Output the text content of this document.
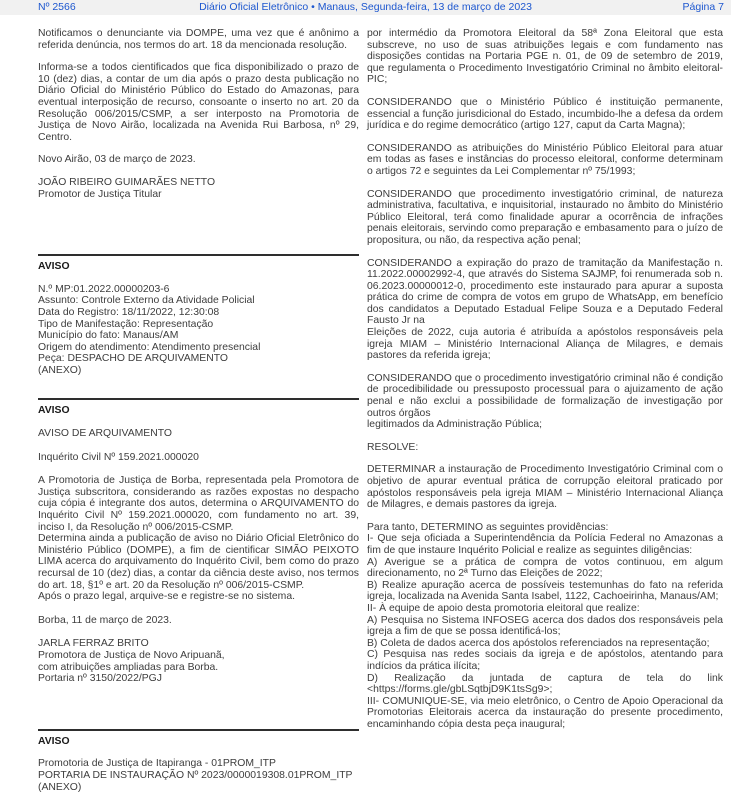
Nº 2566	Diário Oficial Eletrônico • Manaus, Segunda-feira, 13 de março de 2023	Página 7
Notificamos o denunciante via DOMPE, uma vez que é anônimo a referida denúncia, nos termos do art. 18 da mencionada resolução.
Informa-se a todos cientificados que fica disponibilizado o prazo de 10 (dez) dias, a contar de um dia após o prazo desta publicação no Diário Oficial do Ministério Público do Estado do Amazonas, para eventual interposição de recurso, consoante o inserto no art. 20 da Resolução 006/2015/CSMP, a ser interposto na Promotoria de Justiça de Novo Airão, localizada na Avenida Rui Barbosa, nº 29, Centro.
Novo Airão, 03 de março de 2023.
JOÃO RIBEIRO GUIMARÃES NETTO
Promotor de Justiça Titular
AVISO
N.º MP:01.2022.00000203-6
Assunto: Controle Externo da Atividade Policial
Data do Registro: 18/11/2022, 12:30:08
Tipo de Manifestação: Representação
Município do fato: Manaus/AM
Origem do atendimento: Atendimento presencial
Peça: DESPACHO DE ARQUIVAMENTO
(ANEXO)
AVISO
AVISO DE ARQUIVAMENTO
Inquérito Civil Nº 159.2021.000020
A Promotoria de Justiça de Borba, representada pela Promotora de Justiça subscritora, considerando as razões expostas no despacho cuja cópia é integrante dos autos, determina o ARQUIVAMENTO do Inquérito Civil Nº 159.2021.000020, com fundamento no art. 39, inciso I, da Resolução nº 006/2015-CSMP.
Determina ainda a publicação de aviso no Diário Oficial Eletrônico do Ministério Público (DOMPE), a fim de cientificar SIMÃO PEIXOTO LIMA acerca do arquivamento do Inquérito Civil, bem como do prazo recursal de 10 (dez) dias, a contar da ciência deste aviso, nos termos do art. 18, §1º e art. 20 da Resolução nº 006/2015-CSMP.
Após o prazo legal, arquive-se e registre-se no sistema.
Borba, 11 de março de 2023.
JARLA FERRAZ BRITO
Promotora de Justiça de Novo Aripuanã,
com atribuições ampliadas para Borba.
Portaria nº 3150/2022/PGJ
AVISO
Promotoria de Justiça de Itapiranga - 01PROM_ITP
PORTARIA DE INSTAURAÇÃO Nº 2023/0000019308.01PROM_ITP
(ANEXO)
por intermédio da Promotora Eleitoral da 58ª Zona Eleitoral que esta subscreve, no uso de suas atribuições legais e com fundamento nas disposições contidas na Portaria PGE n. 01, de 09 de setembro de 2019, que regulamenta o Procedimento Investigatório Criminal no âmbito eleitoral-PIC;
CONSIDERANDO que o Ministério Público é instituição permanente, essencial a função jurisdicional do Estado, incumbido-lhe a defesa da ordem jurídica e do regime democrático (artigo 127, caput da Carta Magna);
CONSIDERANDO as atribuições do Ministério Público Eleitoral para atuar em todas as fases e instâncias do processo eleitoral, conforme determinam o artigos 72 e seguintes da Lei Complementar nº 75/1993;
CONSIDERANDO que procedimento investigatório criminal, de natureza administrativa, facultativa, e inquisitorial, instaurado no âmbito do Ministério Público Eleitoral, terá como finalidade apurar a ocorrência de infrações penais eleitorais, servindo como preparação e embasamento para o juízo de propositura, ou não, da respectiva ação penal;
CONSIDERANDO a expiração do prazo de tramitação da Manifestação n. 11.2022.00002992-4, que através do Sistema SAJMP, foi renumerada sob n. 06.2023.00000012-0, procedimento este instaurado para apurar a suposta prática do crime de compra de votos em grupo de WhatsApp, em benefício dos candidatos a Deputado Estadual Felipe Souza e a Deputado Federal Fausto Jr na
Eleições de 2022, cuja autoria é atribuída a apóstolos responsáveis pela igreja MIAM – Ministério Internacional Aliança de Milagres, e demais pastores da referida igreja;
CONSIDERANDO que o procedimento investigatório criminal não é condição de procedibilidade ou pressuposto processual para o ajuizamento de ação penal e não exclui a possibilidade de formalização de investigação por outros órgãos
legitimados da Administração Pública;
RESOLVE:
DETERMINAR a instauração de Procedimento Investigatório Criminal com o objetivo de apurar eventual prática de corrupção eleitoral praticado por apóstolos responsáveis pela igreja MIAM – Ministério Internacional Aliança de Milagres, e demais pastores da igreja.
Para tanto, DETERMINO as seguintes providências:
I- Que seja oficiada a Superintendência da Polícia Federal no Amazonas a fim de que instaure Inquérito Policial e realize as seguintes diligências:
A) Averigue se a prática de compra de votos continuou, em algum direcionamento, no 2ª Turno das Eleições de 2022;
B) Realize apuração acerca de possíveis testemunhas do fato na referida igreja, localizada na Avenida Santa Isabel, 1122, Cachoeirinha, Manaus/AM;
II- À equipe de apoio desta promotoria eleitoral que realize:
A) Pesquisa no Sistema INFOSEG acerca dos dados dos responsáveis pela igreja a fim de que se possa identificá-los;
B) Coleta de dados acerca dos apóstolos referenciados na representação;
C) Pesquisa nas redes sociais da igreja e de apóstolos, atentando para indícios da prática ilícita;
D) Realização da juntada de captura de tela do link <https://forms.gle/gbLSqtbjD9K1tsSg9>;
III- COMUNIQUE-SE, via meio eletrônico, o Centro de Apoio Operacional da Promotorias Eleitorais acerca da instauração do presente procedimento, encaminhando cópia desta peça inaugural;
